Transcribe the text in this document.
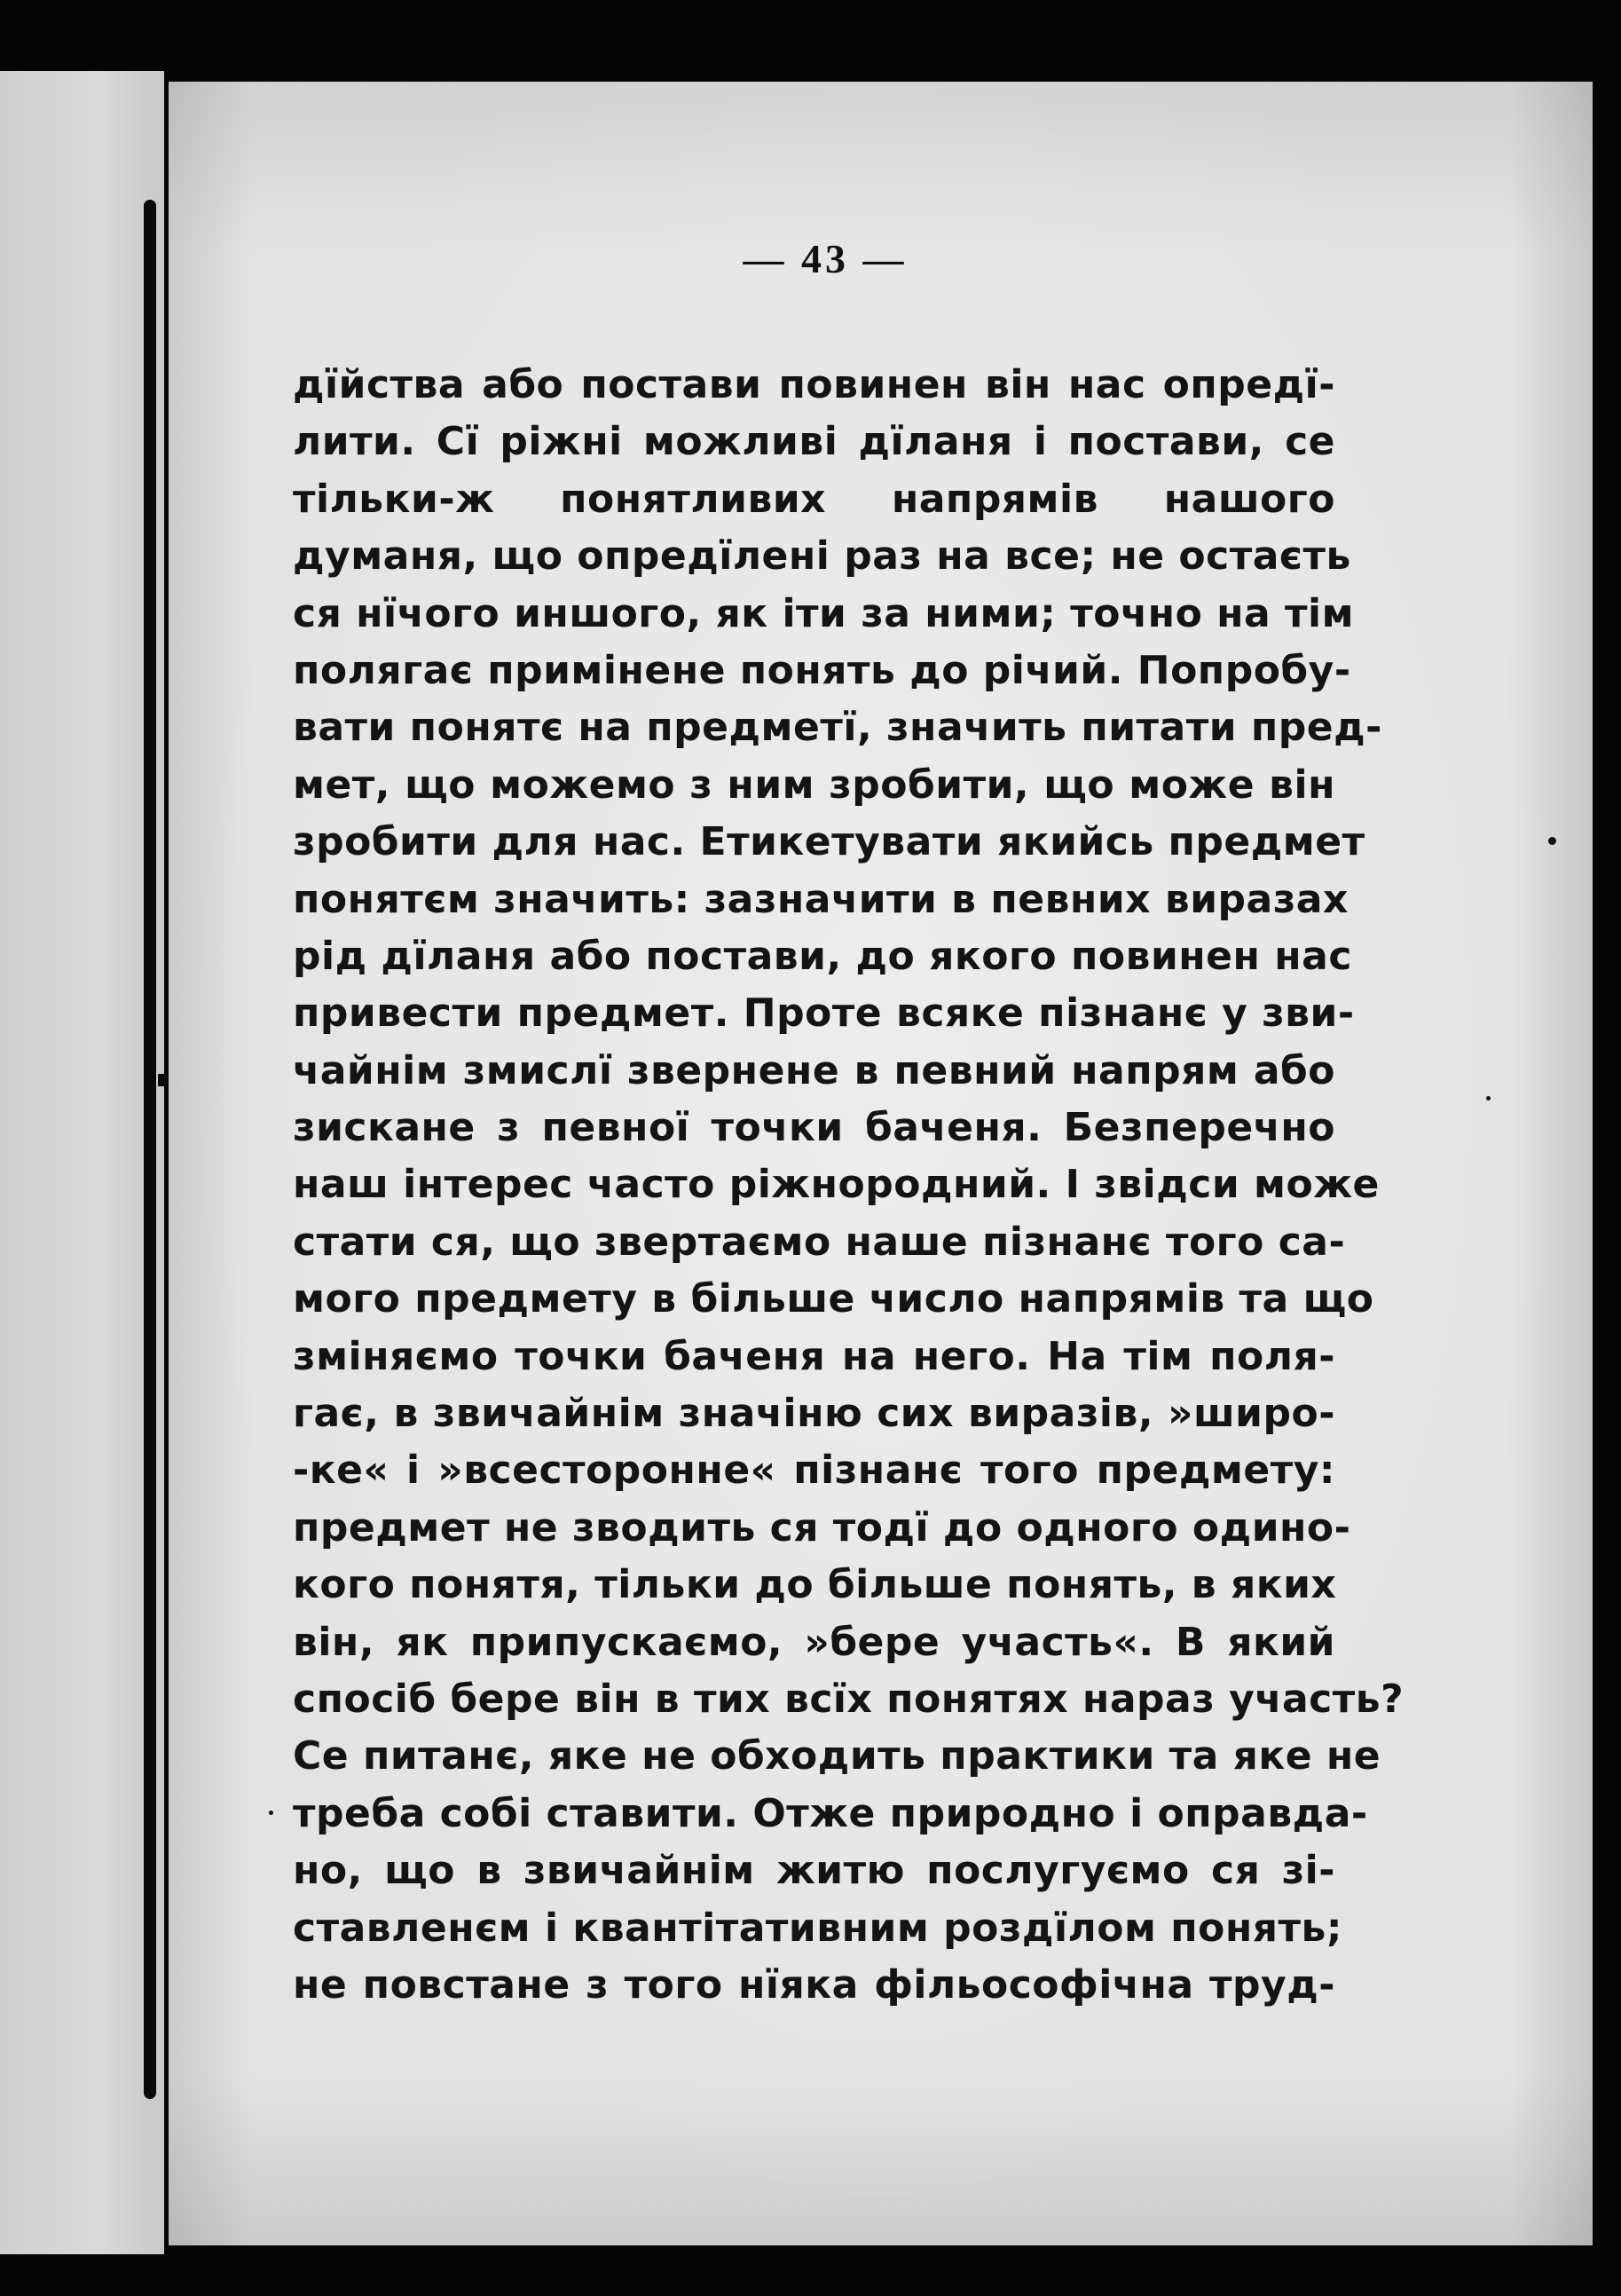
— 43 —
дїйства або постави повинен він нас опредї-
лити. Сї ріжні можливі дїланя і постави, се
тільки-ж понятливих напрямів нашого
думаня, що опредїлені раз на все; не остаєть
ся нїчого иншого, як іти за ними; точно на тім
полягає примінене понять до річий. Попробу-
вати понятє на предметї, значить питати пред-
мет, що можемо з ним зробити, що може він
зробити для нас. Етикетувати якийсь предмет
понятєм значить: зазначити в певних виразах
рід дїланя або постави, до якого повинен нас
привести предмет. Проте всяке пізнанє у зви-
чайнім змислї звернене в певний напрям або
зискане з певної точки баченя. Безперечно
наш інтерес часто ріжнородний. І звідси може
стати ся, що звертаємо наше пізнанє того са-
мого предмету в більше число напрямів та що
зміняємо точки баченя на него. На тім поля-
гає, в звичайнім значіню сих виразів, »широ-
-ке« і »всесторонне« пізнанє того предмету:
предмет не зводить ся тодї до одного одино-
кого понятя, тільки до більше понять, в яких
він, як припускаємо, »бере участь«. В який
спосіб бере він в тих всїх понятях нараз участь?
Се питанє, яке не обходить практики та яке не
треба собі ставити. Отже природно і оправда-
но, що в звичайнім житю послугуємо ся зі-
ставленєм і квантітативним роздїлом понять;
не повстане з того нїяка фільософічна труд-
